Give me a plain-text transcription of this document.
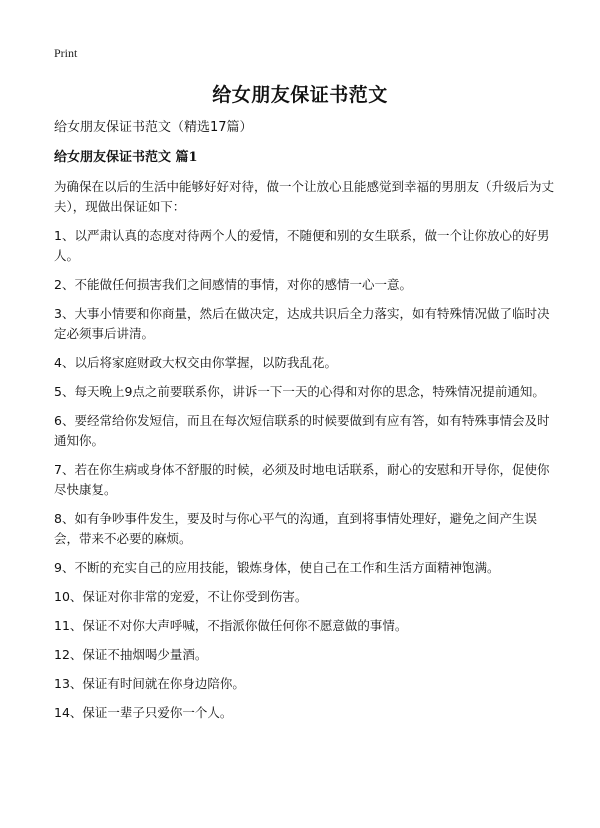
Print
给女朋友保证书范文

给女朋友保证书范文（精选17篇）

给女朋友保证书范文 篇1

为确保在以后的生活中能够好好对待，做一个让放心且能感觉到幸福的男朋友（升级后为丈夫），现做出保证如下：

1、以严肃认真的态度对待两个人的爱情，不随便和别的女生联系，做一个让你放心的好男人。

2、不能做任何损害我们之间感情的事情，对你的感情一心一意。

3、大事小情要和你商量，然后在做决定，达成共识后全力落实，如有特殊情况做了临时决定必须事后讲清。

4、以后将家庭财政大权交由你掌握，以防我乱花。

5、每天晚上9点之前要联系你，讲诉一下一天的心得和对你的思念，特殊情况提前通知。

6、要经常给你发短信，而且在每次短信联系的时候要做到有应有答，如有特殊事情会及时通知你。

7、若在你生病或身体不舒服的时候，必须及时地电话联系，耐心的安慰和开导你，促使你尽快康复。

8、如有争吵事件发生，要及时与你心平气的沟通，直到将事情处理好，避免之间产生误会，带来不必要的麻烦。

9、不断的充实自己的应用技能，锻炼身体，使自己在工作和生活方面精神饱满。

10、保证对你非常的宠爱，不让你受到伤害。

11、保证不对你大声呼喊，不指派你做任何你不愿意做的事情。

12、保证不抽烟喝少量酒。

13、保证有时间就在你身边陪你。

14、保证一辈子只爱你一个人。
